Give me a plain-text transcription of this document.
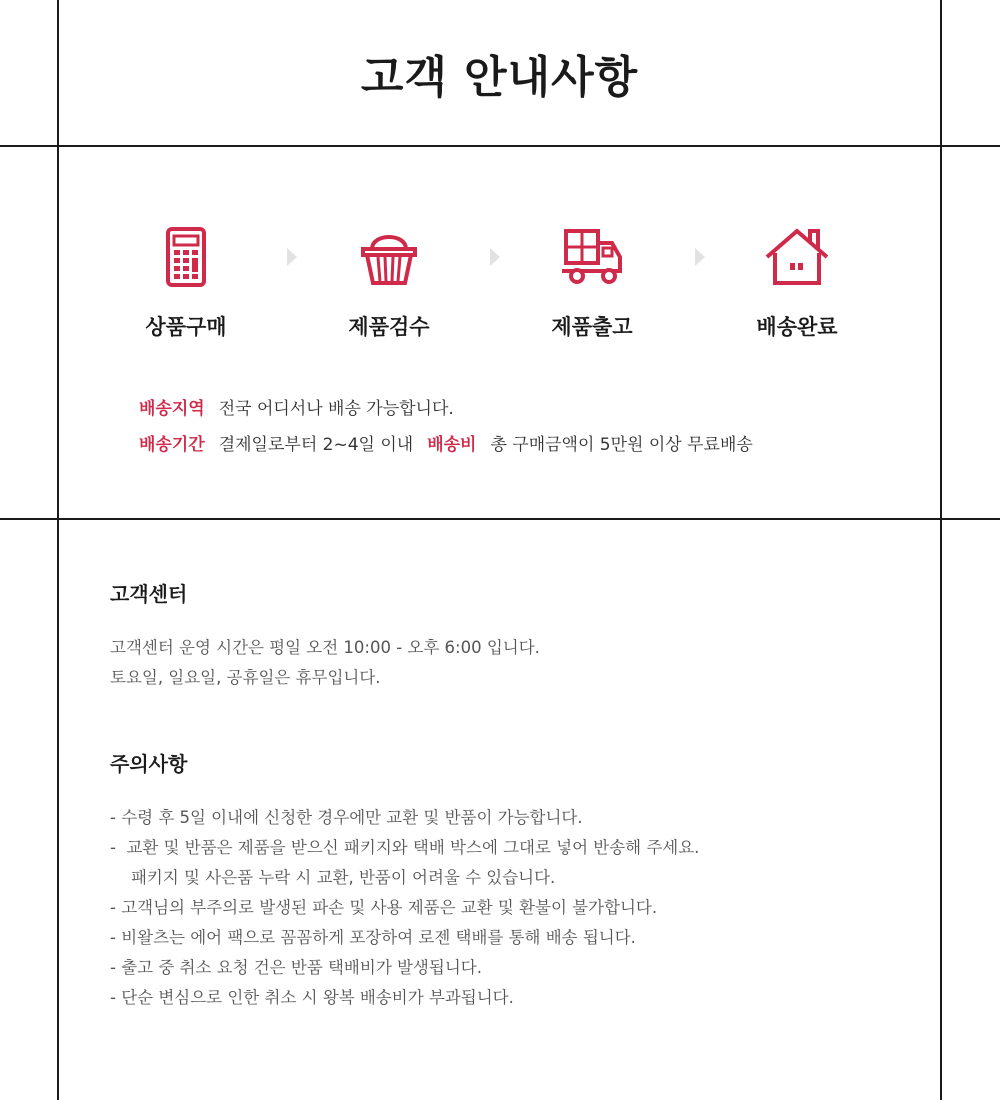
고객 안내사항
상품구매	제품검수	제품출고	배송완료
배송지역 전국 어디서나 배송 가능합니다.
배송기간 결제일로부터 2~4일 이내 배송비 총 구매금액이 5만원 이상 무료배송
고객센터
고객센터 운영 시간은 평일 오전 10:00 - 오후 6:00 입니다.
토요일, 일요일, 공휴일은 휴무입니다.
주의사항
- 수령 후 5일 이내에 신청한 경우에만 교환 및 반품이 가능합니다.
-  교환 및 반품은 제품을 받으신 패키지와 택배 박스에 그대로 넣어 반송해 주세요.
패키지 및 사은품 누락 시 교환, 반품이 어려울 수 있습니다.
- 고객님의 부주의로 발생된 파손 및 사용 제품은 교환 및 환불이 불가합니다.
- 비왈츠는 에어 팩으로 꼼꼼하게 포장하여 로젠 택배를 통해 배송 됩니다.
- 출고 중 취소 요청 건은 반품 택배비가 발생됩니다.
- 단순 변심으로 인한 취소 시 왕복 배송비가 부과됩니다.
